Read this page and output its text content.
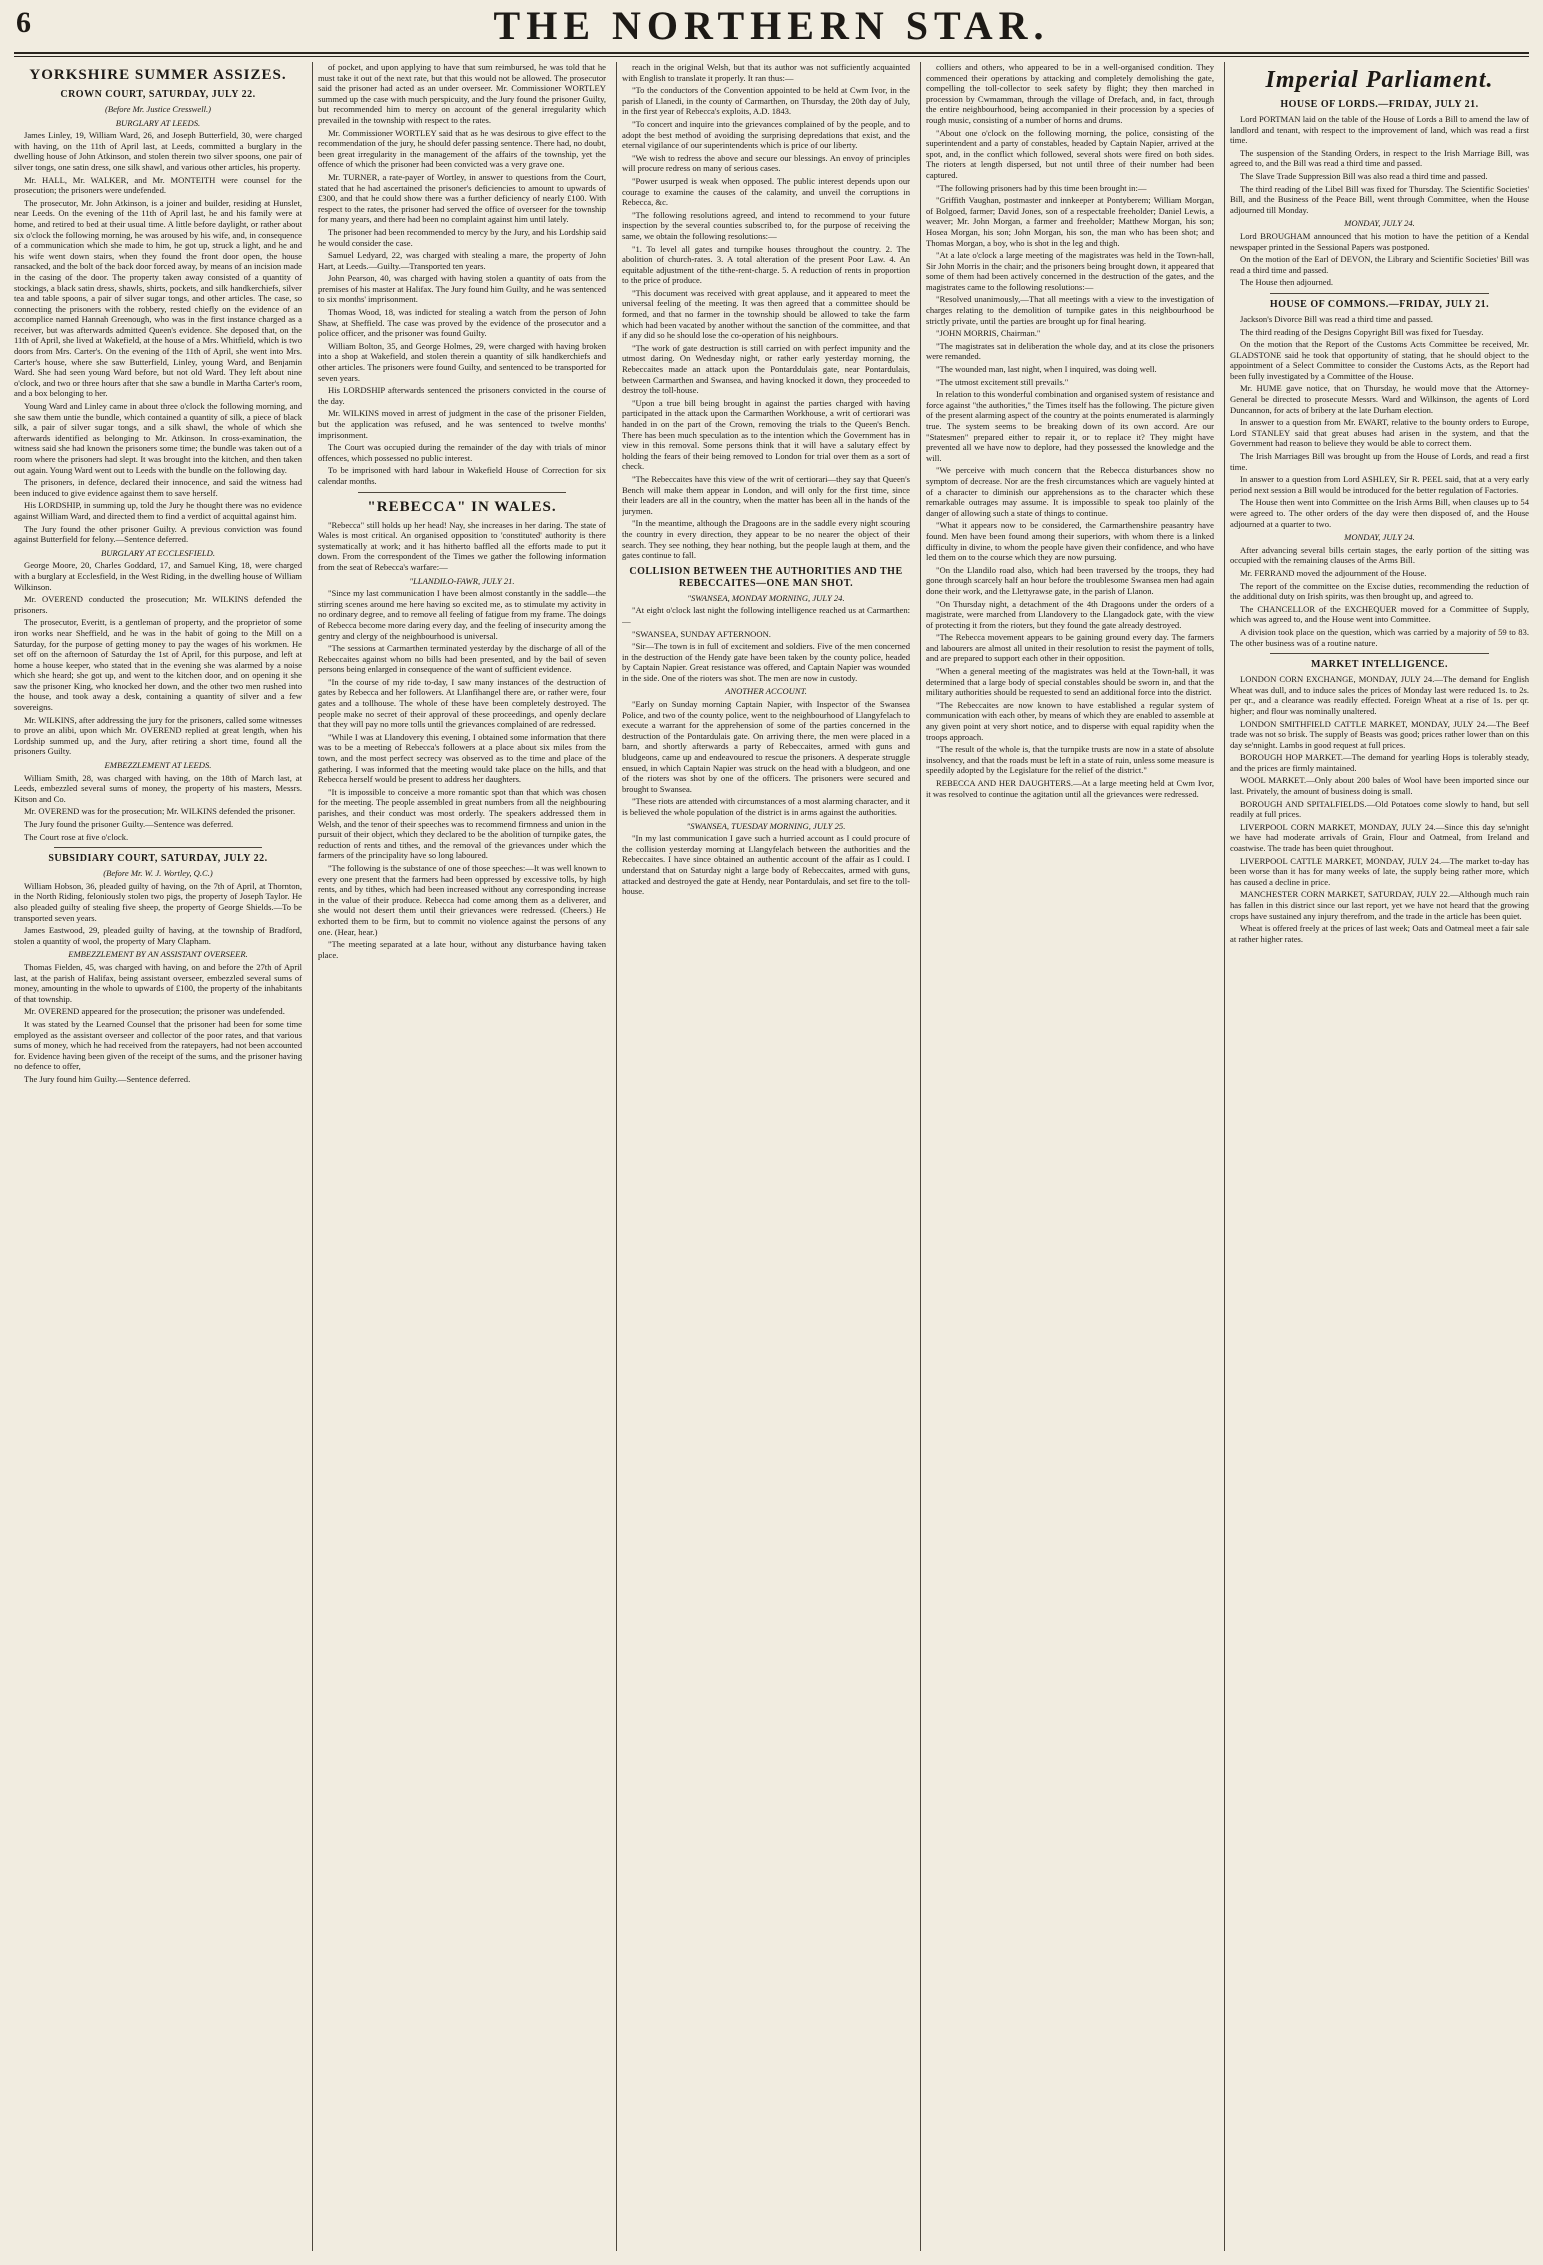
6	THE NORTHERN STAR.
YORKSHIRE SUMMER ASSIZES.
CROWN COURT, SATURDAY, JULY 22.
(Before Mr. Justice Cresswell.)
BURGLARY AT LEEDS.

James Linley, 19, William Ward, 26, and Joseph Butterfield, 30, were charged with having, on the 11th of April last, at Leeds, committed a burglary in the dwelling house of John Atkinson, and stolen therein two silver spoons, one pair of silver tongs, one satin dress, one silk shawl, and various other articles, his property.

Mr. HALL, Mr. WALKER, and Mr. MONTEITH were counsel for the prosecution; the prisoners were undefended.

The prosecutor, Mr. John Atkinson, is a joiner and builder, residing at Hunslet, near Leeds. On the evening of the 11th of April last, he and his family were at home, and retired to bed at their usual time. A little before daylight, or rather about six o'clock the following morning, he was aroused by his wife, and, in consequence of a communication which she made to him, he got up, struck a light, and he and his wife went down stairs, when they found the front door open, the house ransacked, and the bolt of the back door forced away, by means of an incision made in the casing of the door. The property taken away consisted of a quantity of stockings, a black satin dress, shawls, shirts, pockets, and silk handkerchiefs, silver tea and table spoons, a pair of silver sugar tongs, and other articles. The case, so connecting the prisoners with the robbery, rested chiefly on the evidence of an accomplice named Hannah Greenough, who was in the first instance charged as a receiver, but was afterwards admitted Queen's evidence. She deposed that, on the 11th of April, she lived at Wakefield, at the house of a Mrs. Whitfield, which is two doors from Mrs. Carter's. On the evening of the 11th of April, she went into Mrs. Carter's house, where she saw Butterfield, Linley, young Ward, and Benjamin Ward. She had seen young Ward before, but not old Ward. They left about nine o'clock, and two or three hours after that she saw a bundle in Martha Carter's room, and a box belonging to her.

Young Ward and Linley came in about three o'clock the following morning, and she saw them untie the bundle, which contained a quantity of silk, a piece of black silk, a pair of silver sugar tongs, and a silk shawl, the whole of which she afterwards identified as belonging to Mr. Atkinson. In cross-examination, the witness said she had known the prisoners some time; the bundle was taken out of a room where the prisoners had slept. It was brought into the kitchen, and then taken out again. Young Ward went out to Leeds with the bundle on the following day.

The prisoners, in defence, declared their innocence, and said the witness had been induced to give evidence against them to save herself.

His LORDSHIP, in summing up, told the Jury he thought there was no evidence against William Ward, and directed them to find a verdict of acquittal against him.

The Jury found the other prisoner Guilty. A previous conviction was found against Butterfield for felony.—Sentence deferred.

BURGLARY AT ECCLESFIELD.

George Moore, 20, Charles Goddard, 17, and Samuel King, 18, were charged with a burglary at Ecclesfield, in the West Riding, in the dwelling house of William Wilkinson.

Mr. OVEREND conducted the prosecution; Mr. WILKINS defended the prisoners.

The prosecutor, Everitt, is a gentleman of property, and the proprietor of some iron works near Sheffield, and he was in the habit of going to the Mill on a Saturday, for the purpose of getting money to pay the wages of his workmen. He set off on the afternoon of Saturday the 1st of April, for this purpose, and left at home a house keeper, who stated that in the evening she was alarmed by a noise which she heard; she got up, and went to the kitchen door, and on opening it she saw the prisoner King, who knocked her down, and the other two men rushed into the house, and took away a desk, containing a quantity of silver and a few sovereigns.

Mr. WILKINS, after addressing the jury for the prisoners, called some witnesses to prove an alibi, upon which Mr. OVEREND replied at great length, when his Lordship summed up, and the Jury, after retiring a short time, found all the prisoners Guilty.

EMBEZZLEMENT AT LEEDS.

William Smith, 28, was charged with having, on the 18th of March last, at Leeds, embezzled several sums of money, the property of his masters, Messrs. Kitson and Co.

Mr. OVEREND was for the prosecution; Mr. WILKINS defended the prisoner.

The Jury found the prisoner Guilty.—Sentence was deferred.

The Court rose at five o'clock.

SUBSIDIARY COURT, SATURDAY, JULY 22.
(Before Mr. W. J. Wortley, Q.C.)

William Hobson, 36, pleaded guilty of having, on the 7th of April, at Thornton, in the North Riding, feloniously stolen two pigs, the property of Joseph Taylor. He also pleaded guilty of stealing five sheep, the property of George Shields.—To be transported seven years.

James Eastwood, 29, pleaded guilty of having, at the township of Bradford, stolen a quantity of wool, the property of Mary Clapham.

EMBEZZLEMENT BY AN ASSISTANT OVERSEER.

Thomas Fielden, 45, was charged with having, on and before the 27th of April last, at the parish of Halifax, being assistant overseer, embezzled several sums of money, amounting in the whole to upwards of £100, the property of the inhabitants of that township.

Mr. OVEREND appeared for the prosecution; the prisoner was undefended.

It was stated by the Learned Counsel that the prisoner had been for some time employed as the assistant overseer and collector of the poor rates, and that various sums of money, which he had received from the ratepayers, had not been accounted for. Evidence having been given of the receipt of the sums, and the prisoner having no defence to offer,

The Jury found him Guilty.—Sentence deferred.

of pocket, and upon applying to have that sum reimbursed, he was told that he must take it out of the next rate, but that this would not be allowed. The prosecutor said the prisoner had acted as an under overseer. Mr. Commissioner WORTLEY summed up the case with much perspicuity, and the Jury found the prisoner Guilty, but recommended him to mercy on account of the general irregularity which prevailed in the township with respect to the rates.

Mr. Commissioner WORTLEY said that as he was desirous to give effect to the recommendation of the jury, he should defer passing sentence. There had, no doubt, been great irregularity in the management of the affairs of the township, yet the offence of which the prisoner had been convicted was a very grave one.

Mr. TURNER, a rate-payer of Wortley, in answer to questions from the Court, stated that he had ascertained the prisoner's deficiencies to amount to upwards of £300, and that he could show there was a further deficiency of nearly £100. With respect to the rates, the prisoner had served the office of overseer for the township for many years, and there had been no complaint against him until lately.

The prisoner had been recommended to mercy by the Jury, and his Lordship said he would consider the case.

Samuel Ledyard, 22, was charged with stealing a mare, the property of John Hart, at Leeds.—Guilty.—Transported ten years.

John Pearson, 40, was charged with having stolen a quantity of oats from the premises of his master at Halifax. The Jury found him Guilty, and he was sentenced to six months' imprisonment.

Thomas Wood, 18, was indicted for stealing a watch from the person of John Shaw, at Sheffield. The case was proved by the evidence of the prosecutor and a police officer, and the prisoner was found Guilty.

William Bolton, 35, and George Holmes, 29, were charged with having broken into a shop at Wakefield, and stolen therein a quantity of silk handkerchiefs and other articles. The prisoners were found Guilty, and sentenced to be transported for seven years.

His LORDSHIP afterwards sentenced the prisoners convicted in the course of the day.

Mr. WILKINS moved in arrest of judgment in the case of the prisoner Fielden, but the application was refused, and he was sentenced to twelve months' imprisonment.

The Court was occupied during the remainder of the day with trials of minor offences, which possessed no public interest.

To be imprisoned with hard labour in Wakefield House of Correction for six calendar months.

"REBECCA" IN WALES.

"Rebecca" still holds up her head! Nay, she increases in her daring. The state of Wales is most critical. An organised opposition to 'constituted' authority is there systematically at work; and it has hitherto baffled all the efforts made to put it down. From the correspondent of the Times we gather the following information from the seat of Rebecca's warfare:—

"LLANDILO-FAWR, JULY 21.

"Since my last communication I have been almost constantly in the saddle—the stirring scenes around me here having so excited me, as to stimulate my activity in no ordinary degree, and to remove all feeling of fatigue from my frame. The doings of Rebecca become more daring every day, and the feeling of insecurity among the gentry and clergy of the neighbourhood is universal.

"The sessions at Carmarthen terminated yesterday by the discharge of all of the Rebeccaites against whom no bills had been presented, and by the bail of seven persons being enlarged in consequence of the want of sufficient evidence.

"In the course of my ride to-day, I saw many instances of the destruction of gates by Rebecca and her followers. At Llanfihangel there are, or rather were, four gates and a tollhouse. The whole of these have been completely destroyed. The people make no secret of their approval of these proceedings, and openly declare that they will pay no more tolls until the grievances complained of are redressed.

"While I was at Llandovery this evening, I obtained some information that there was to be a meeting of Rebecca's followers at a place about six miles from the town, and the most perfect secrecy was observed as to the time and place of the gathering. I was informed that the meeting would take place on the hills, and that Rebecca herself would be present to address her daughters.

"It is impossible to conceive a more romantic spot than that which was chosen for the meeting. The people assembled in great numbers from all the neighbouring parishes, and their conduct was most orderly. The speakers addressed them in Welsh, and the tenor of their speeches was to recommend firmness and union in the pursuit of their object, which they declared to be the abolition of turnpike gates, the reduction of rents and tithes, and the removal of the grievances under which the farmers of the principality have so long laboured.

"The following is the substance of one of those speeches:—It was well known to every one present that the farmers had been oppressed by excessive tolls, by high rents, and by tithes, which had been increased without any corresponding increase in the value of their produce. Rebecca had come among them as a deliverer, and she would not desert them until their grievances were redressed. (Cheers.) He exhorted them to be firm, but to commit no violence against the persons of any one. (Hear, hear.)

"The meeting separated at a late hour, without any disturbance having taken place.

reach in the original Welsh, but that its author was not sufficiently acquainted with English to translate it properly. It ran thus:—

"To the conductors of the Convention appointed to be held at Cwm Ivor, in the parish of Llanedi, in the county of Carmarthen, on Thursday, the 20th day of July, in the first year of Rebecca's exploits, A.D. 1843.

"To concert and inquire into the grievances complained of by the people, and to adopt the best method of avoiding the surprising depredations that exist, and the eternal vigilance of our superintendents which is price of our liberty.

"We wish to redress the above and secure our blessings. An envoy of principles will procure redress on many of serious cases.

"Power usurped is weak when opposed. The public interest depends upon our courage to examine the causes of the calamity, and unveil the corruptions in Rebecca, &c.

"The following resolutions agreed, and intend to recommend to your future inspection by the several counties subscribed to, for the purpose of receiving the same, we obtain the following resolutions:—

"1. To level all gates and turnpike houses throughout the country. 2. The abolition of church-rates. 3. A total alteration of the present Poor Law. 4. An equitable adjustment of the tithe-rent-charge. 5. A reduction of rents in proportion to the price of produce.

"This document was received with great applause, and it appeared to meet the universal feeling of the meeting. It was then agreed that a committee should be formed, and that no farmer in the township should be allowed to take the farm which had been vacated by another without the sanction of the committee, and that if any did so he should lose the co-operation of his neighbours.

"The work of gate destruction is still carried on with perfect impunity and the utmost daring. On Wednesday night, or rather early yesterday morning, the Rebeccaites made an attack upon the Pontarddulais gate, near Pontardulais, between Carmarthen and Swansea, and having knocked it down, they proceeded to destroy the toll-house.

"Upon a true bill being brought in against the parties charged with having participated in the attack upon the Carmarthen Workhouse, a writ of certiorari was handed in on the part of the Crown, removing the trials to the Queen's Bench. There has been much speculation as to the intention which the Government has in view in this removal. Some persons think that it will have a salutary effect by holding the fears of their being removed to London for trial over them as a sort of check.

"The Rebeccaites have this view of the writ of certiorari—they say that Queen's Bench will make them appear in London, and will only for the first time, since their leaders are all in the country, when the matter has been all in the hands of the jurymen.

"In the meantime, although the Dragoons are in the saddle every night scouring the country in every direction, they appear to be no nearer the object of their search. They see nothing, they hear nothing, but the people laugh at them, and the gates continue to fall.

COLLISION BETWEEN THE AUTHORITIES AND THE REBECCAITES—ONE MAN SHOT.
"SWANSEA, MONDAY MORNING, JULY 24.

"At eight o'clock last night the following intelligence reached us at Carmarthen:—

"SWANSEA, SUNDAY AFTERNOON.

"Sir—The town is in full of excitement and soldiers. Five of the men concerned in the destruction of the Hendy gate have been taken by the county police, headed by Captain Napier. Great resistance was offered, and Captain Napier was wounded in the side. One of the rioters was shot. The men are now in custody.

ANOTHER ACCOUNT.

"Early on Sunday morning Captain Napier, with Inspector of the Swansea Police, and two of the county police, went to the neighbourhood of Llangyfelach to execute a warrant for the apprehension of some of the parties concerned in the destruction of the Pontardulais gate. On arriving there, the men were placed in a barn, and shortly afterwards a party of Rebeccaites, armed with guns and bludgeons, came up and endeavoured to rescue the prisoners. A desperate struggle ensued, in which Captain Napier was struck on the head with a bludgeon, and one of the rioters was shot by one of the officers. The prisoners were secured and brought to Swansea.

"These riots are attended with circumstances of a most alarming character, and it is believed the whole population of the district is in arms against the authorities.

"SWANSEA, TUESDAY MORNING, JULY 25.

"In my last communication I gave such a hurried account as I could procure of the collision yesterday morning at Llangyfelach between the authorities and the Rebeccaites. I have since obtained an authentic account of the affair as I could. I understand that on Saturday night a large body of Rebeccaites, armed with guns, attacked and destroyed the gate at Hendy, near Pontardulais, and set fire to the toll-house.

colliers and others, who appeared to be in a well-organised condition. They commenced their operations by attacking and completely demolishing the gate, compelling the toll-collector to seek safety by flight; they then marched in procession by Cwmamman, through the village of Drefach, and, in fact, through the entire neighbourhood, being accompanied in their procession by a species of rough music, consisting of a number of horns and drums.

"About one o'clock on the following morning, the police, consisting of the superintendent and a party of constables, headed by Captain Napier, arrived at the spot, and, in the conflict which followed, several shots were fired on both sides. The rioters at length dispersed, but not until three of their number had been captured.

"The following prisoners had by this time been brought in:—

"Griffith Vaughan, postmaster and innkeeper at Pontyberem; William Morgan, of Bolgoed, farmer; David Jones, son of a respectable freeholder; Daniel Lewis, a weaver; Mr. John Morgan, a farmer and freeholder; Matthew Morgan, his son; Hosea Morgan, his son; John Morgan, his son, the man who has been shot; and Thomas Morgan, a boy, who is shot in the leg and thigh.

"At a late o'clock a large meeting of the magistrates was held in the Town-hall, Sir John Morris in the chair; and the prisoners being brought down, it appeared that some of them had been actively concerned in the destruction of the gates, and the magistrates came to the following resolutions:—

"Resolved unanimously,—That all meetings with a view to the investigation of charges relating to the demolition of turnpike gates in this neighbourhood be strictly private, until the parties are brought up for final hearing.

"JOHN MORRIS, Chairman."

"The magistrates sat in deliberation the whole day, and at its close the prisoners were remanded.

"The wounded man, last night, when I inquired, was doing well.

"The utmost excitement still prevails."

In relation to this wonderful combination and organised system of resistance and force against "the authorities," the Times itself has the following. The picture given of the present alarming aspect of the country at the points enumerated is alarmingly true. The system seems to be breaking down of its own accord. Are our "Statesmen" prepared either to repair it, or to replace it? They might have prevented all we have now to deplore, had they possessed the knowledge and the will.

"We perceive with much concern that the Rebecca disturbances show no symptom of decrease. Nor are the fresh circumstances which are vaguely hinted at of a character to diminish our apprehensions as to the character which these remarkable outrages may assume. It is impossible to speak too plainly of the danger of allowing such a state of things to continue.

"What it appears now to be considered, the Carmarthenshire peasantry have found. Men have been found among their superiors, with whom there is a linked difficulty in divine, to whom the people have given their confidence, and who have led them on to the course which they are now pursuing.

"On the Llandilo road also, which had been traversed by the troops, they had gone through scarcely half an hour before the troublesome Swansea men had again done their work, and the Llettyrawse gate, in the parish of Llanon.

"On Thursday night, a detachment of the 4th Dragoons under the orders of a magistrate, were marched from Llandovery to the Llangadock gate, with the view of protecting it from the rioters, but they found the gate already destroyed.

"The Rebecca movement appears to be gaining ground every day. The farmers and labourers are almost all united in their resolution to resist the payment of tolls, and are prepared to support each other in their opposition.

"When a general meeting of the magistrates was held at the Town-hall, it was determined that a large body of special constables should be sworn in, and that the military authorities should be requested to send an additional force into the district.

"The Rebeccaites are now known to have established a regular system of communication with each other, by means of which they are enabled to assemble at any given point at very short notice, and to disperse with equal rapidity when the troops approach.

"The result of the whole is, that the turnpike trusts are now in a state of absolute insolvency, and that the roads must be left in a state of ruin, unless some measure is speedily adopted by the Legislature for the relief of the district."

REBECCA AND HER DAUGHTERS.—At a large meeting held at Cwm Ivor, it was resolved to continue the agitation until all the grievances were redressed.

Imperial Parliament.
HOUSE OF LORDS.—FRIDAY, JULY 21.

Lord PORTMAN laid on the table of the House of Lords a Bill to amend the law of landlord and tenant, with respect to the improvement of land, which was read a first time.

The suspension of the Standing Orders, in respect to the Irish Marriage Bill, was agreed to, and the Bill was read a third time and passed.

The Slave Trade Suppression Bill was also read a third time and passed.

The third reading of the Libel Bill was fixed for Thursday. The Scientific Societies' Bill, and the Business of the Peace Bill, went through Committee, when the House adjourned till Monday.

MONDAY, JULY 24.

Lord BROUGHAM announced that his motion to have the petition of a Kendal newspaper printed in the Sessional Papers was postponed.

On the motion of the Earl of DEVON, the Library and Scientific Societies' Bill was read a third time and passed.

The House then adjourned.

HOUSE OF COMMONS.—FRIDAY, JULY 21.

Jackson's Divorce Bill was read a third time and passed.

The third reading of the Designs Copyright Bill was fixed for Tuesday.

On the motion that the Report of the Customs Acts Committee be received, Mr. GLADSTONE said he took that opportunity of stating, that he should object to the appointment of a Select Committee to consider the Customs Acts, as the Report had been fully investigated by a Committee of the House.

Mr. HUME gave notice, that on Thursday, he would move that the Attorney-General be directed to prosecute Messrs. Ward and Wilkinson, the agents of Lord Duncannon, for acts of bribery at the late Durham election.

In answer to a question from Mr. EWART, relative to the bounty orders to Europe, Lord STANLEY said that great abuses had arisen in the system, and that the Government had reason to believe they would be able to correct them.

The Irish Marriages Bill was brought up from the House of Lords, and read a first time.

In answer to a question from Lord ASHLEY, Sir R. PEEL said, that at a very early period next session a Bill would be introduced for the better regulation of Factories.

The House then went into Committee on the Irish Arms Bill, when clauses up to 54 were agreed to. The other orders of the day were then disposed of, and the House adjourned at a quarter to two.

MONDAY, JULY 24.

After advancing several bills certain stages, the early portion of the sitting was occupied with the remaining clauses of the Arms Bill.

Mr. FERRAND moved the adjournment of the House.

The report of the committee on the Excise duties, recommending the reduction of the additional duty on Irish spirits, was then brought up, and agreed to.

The CHANCELLOR of the EXCHEQUER moved for a Committee of Supply, which was agreed to, and the House went into Committee.

A division took place on the question, which was carried by a majority of 59 to 83. The other business was of a routine nature.

MARKET INTELLIGENCE.

LONDON CORN EXCHANGE, MONDAY, JULY 24.—The demand for English Wheat was dull, and to induce sales the prices of Monday last were reduced 1s. to 2s. per qr., and a clearance was readily effected. Foreign Wheat at a rise of 1s. per qr. higher; and flour was nominally unaltered.

LONDON SMITHFIELD CATTLE MARKET, MONDAY, JULY 24.—The Beef trade was not so brisk. The supply of Beasts was good; prices rather lower than on this day se'nnight. Lambs in good request at full prices.

BOROUGH HOP MARKET.—The demand for yearling Hops is tolerably steady, and the prices are firmly maintained.

WOOL MARKET.—Only about 200 bales of Wool have been imported since our last. Privately, the amount of business doing is small.

BOROUGH AND SPITALFIELDS.—Old Potatoes come slowly to hand, but sell readily at full prices.

LIVERPOOL CORN MARKET, MONDAY, JULY 24.—Since this day se'nnight we have had moderate arrivals of Grain, Flour and Oatmeal, from Ireland and coastwise. The trade has been quiet throughout.

LIVERPOOL CATTLE MARKET, MONDAY, JULY 24.—The market to-day has been worse than it has for many weeks of late, the supply being rather more, which has caused a decline in price.

MANCHESTER CORN MARKET, SATURDAY, JULY 22.—Although much rain has fallen in this district since our last report, yet we have not heard that the growing crops have sustained any injury therefrom, and the trade in the article has been quiet.

Wheat is offered freely at the prices of last week; Oats and Oatmeal meet a fair sale at rather higher rates.
